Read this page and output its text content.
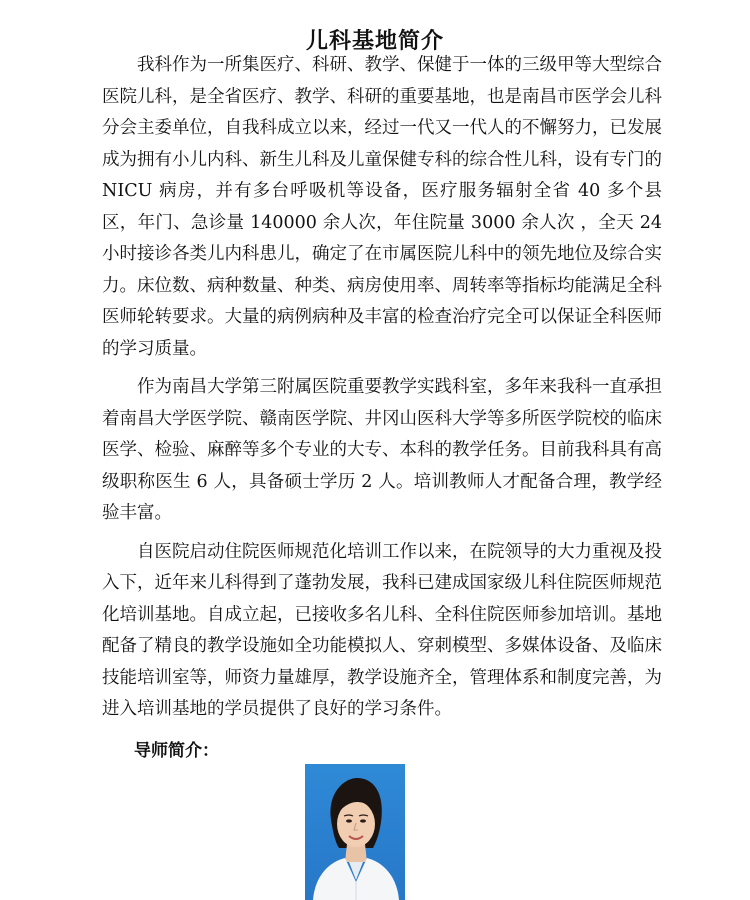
儿科基地简介

我科作为一所集医疗、科研、教学、保健于一体的三级甲等大型综合医院儿科，是全省医疗、教学、科研的重要基地，也是南昌市医学会儿科分会主委单位，自我科成立以来，经过一代又一代人的不懈努力，已发展成为拥有小儿内科、新生儿科及儿童保健专科的综合性儿科，设有专门的 NICU 病房，并有多台呼吸机等设备，医疗服务辐射全省 40 多个县区，年门、急诊量 140000 余人次，年住院量 3000 余人次 ，全天 24 小时接诊各类儿内科患儿，确定了在市属医院儿科中的领先地位及综合实力。床位数、病种数量、种类、病房使用率、周转率等指标均能满足全科医师轮转要求。大量的病例病种及丰富的检查治疗完全可以保证全科医师的学习质量。

作为南昌大学第三附属医院重要教学实践科室，多年来我科一直承担着南昌大学医学院、赣南医学院、井冈山医科大学等多所医学院校的临床医学、检验、麻醉等多个专业的大专、本科的教学任务。目前我科具有高级职称医生 6 人，具备硕士学历 2 人。培训教师人才配备合理，教学经验丰富。

自医院启动住院医师规范化培训工作以来，在院领导的大力重视及投入下，近年来儿科得到了蓬勃发展，我科已建成国家级儿科住院医师规范化培训基地。自成立起，已接收多名儿科、全科住院医师参加培训。基地配备了精良的教学设施如全功能模拟人、穿刺模型、多媒体设备、及临床技能培训室等，师资力量雄厚，教学设施齐全，管理体系和制度完善，为进入培训基地的学员提供了良好的学习条件。

导师简介：
